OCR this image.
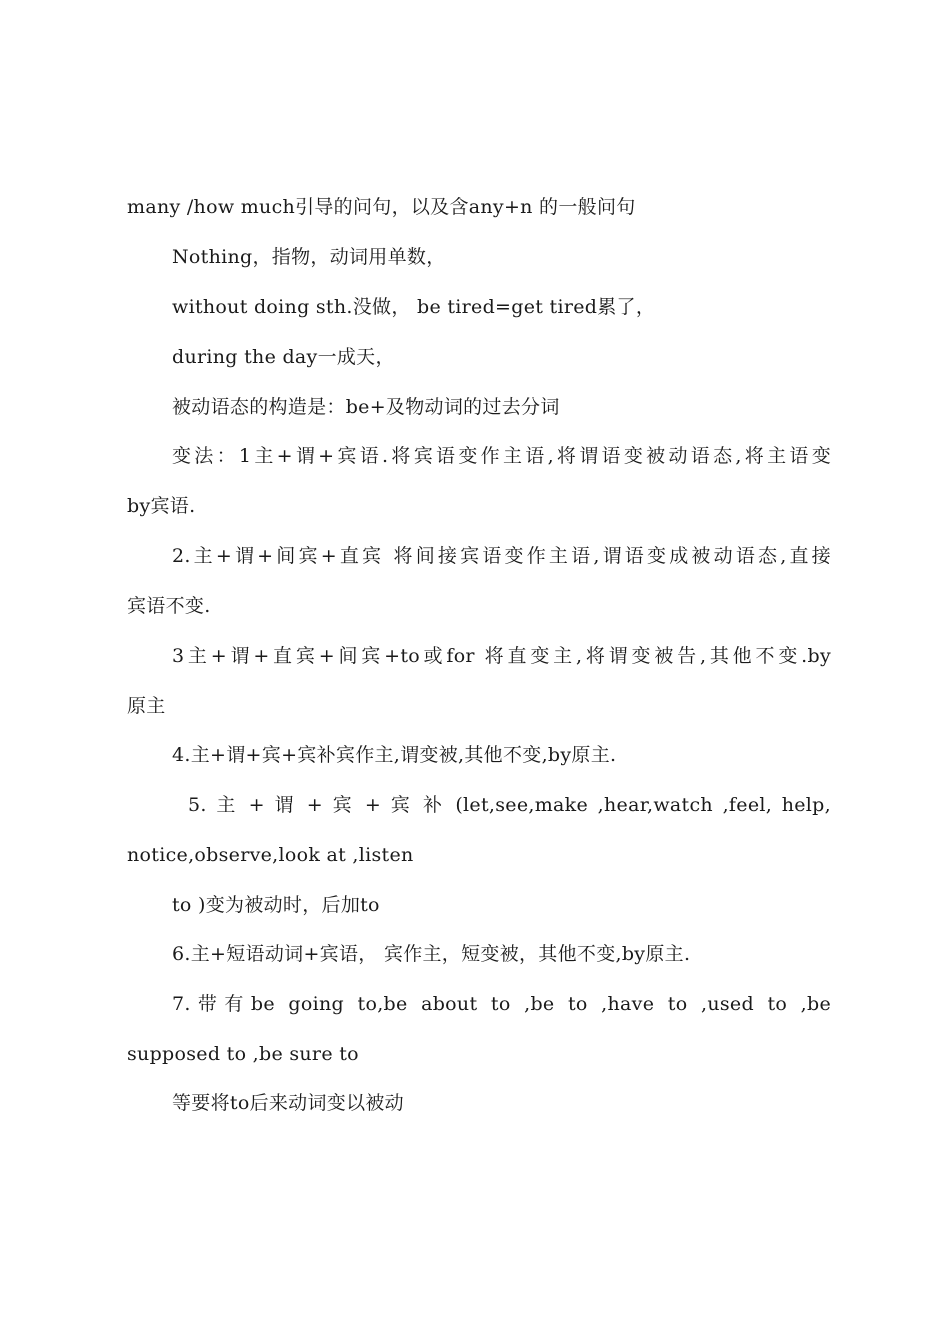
many /how much引导的问句，以及含any+n 的一般问句
Nothing，指物，动词用单数，
without doing sth.没做， be tired=get tired累了，
during the day一成天，
被动语态的构造是：be+及物动词的过去分词
变法：1主+谓+宾语.将宾语变作主语,将谓语变被动语态,将主语变
by宾语.
2.主+谓+间宾+直宾 将间接宾语变作主语,谓语变成被动语态,直接
宾语不变.
3主+谓+直宾+间宾+to或for 将直变主,将谓变被告,其他不变.by
原主
4.主+谓+宾+宾补宾作主,谓变被,其他不变,by原主.
5. 主 + 谓 + 宾 + 宾 补 (let,see,make ,hear,watch ,feel, help,
notice,observe,look at ,listen
to )变为被动时，后加to
6.主+短语动词+宾语， 宾作主，短变被，其他不变,by原主.
7.带有be going to,be about to ,be to ,have to ,used to ,be
supposed to ,be sure to
等要将to后来动词变以被动
